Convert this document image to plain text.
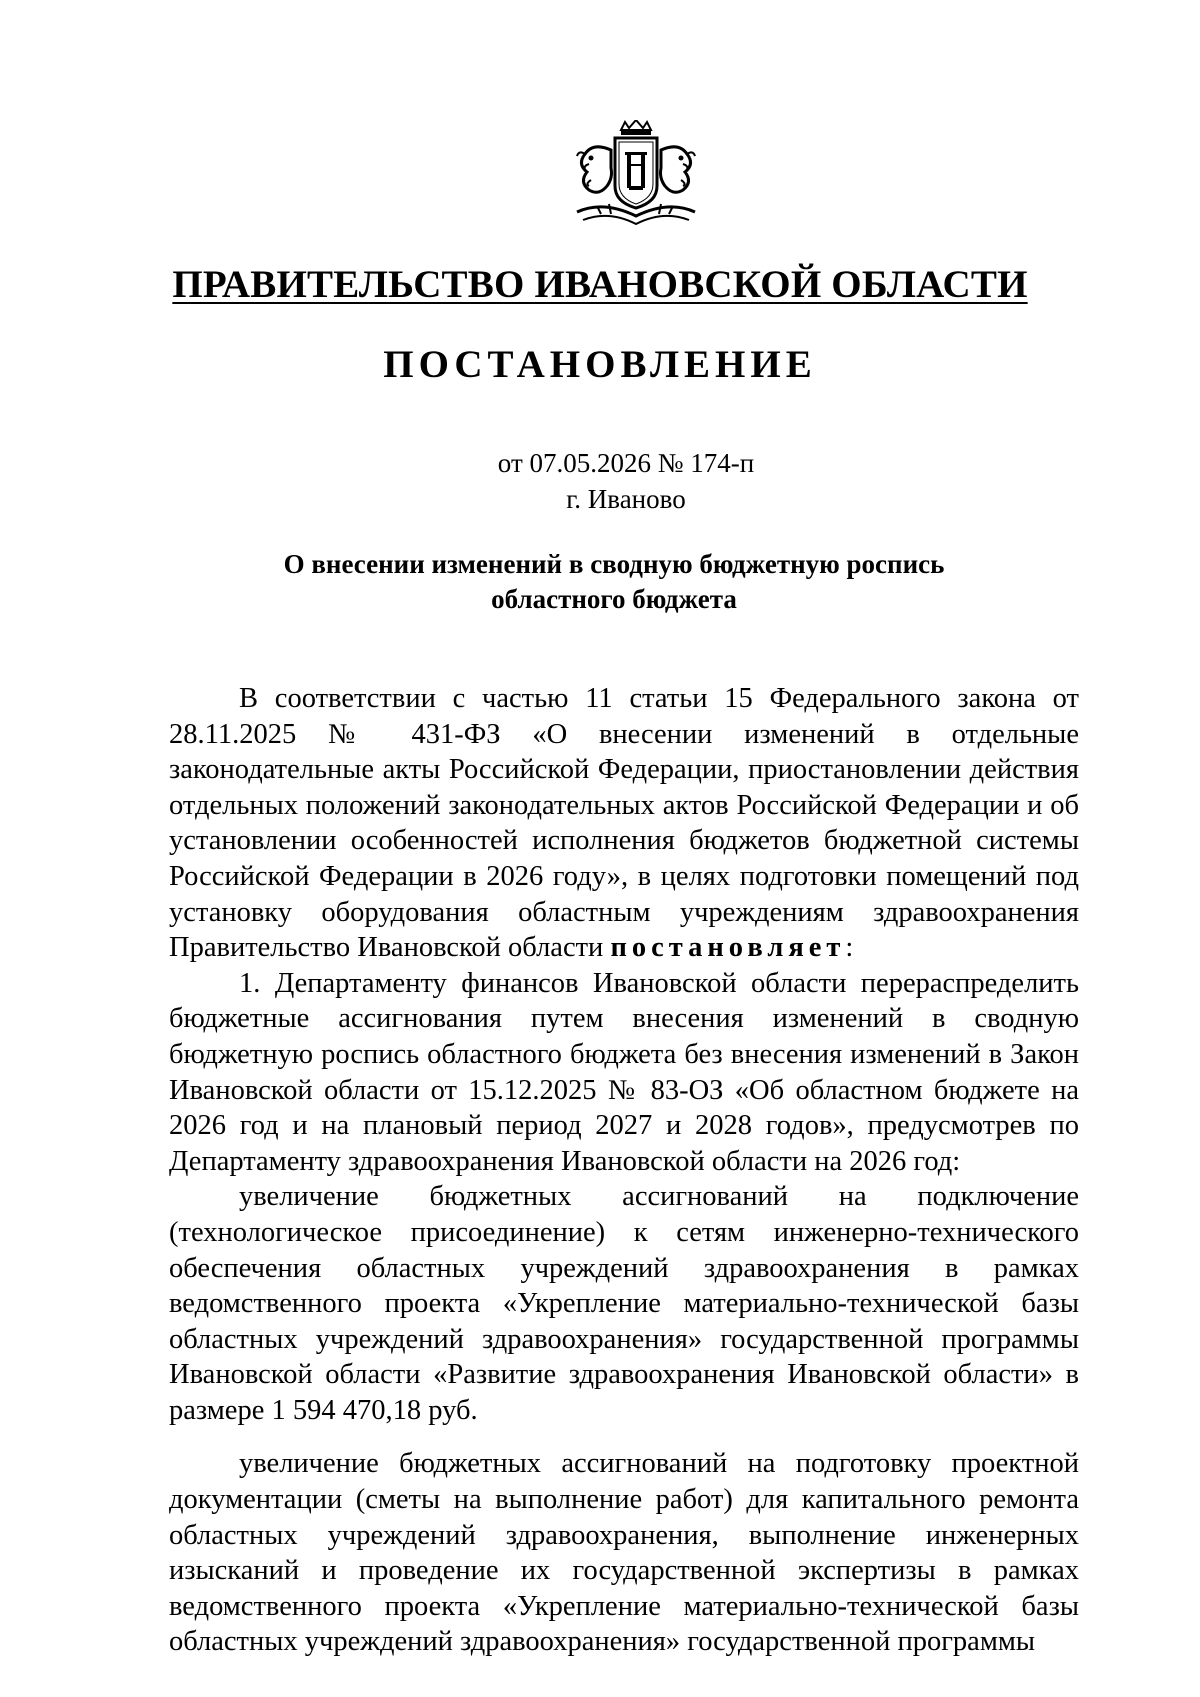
ПРАВИТЕЛЬСТВО ИВАНОВСКОЙ ОБЛАСТИ
ПОСТАНОВЛЕНИЕ
от 07.05.2026 № 174-п
г. Иваново
О внесении изменений в сводную бюджетную роспись
областного бюджета

В соответствии с частью 11 статьи 15 Федерального закона от 28.11.2025 № 431-ФЗ «О внесении изменений в отдельные законодательные акты Российской Федерации, приостановлении действия отдельных положений законодательных актов Российской Федерации и об установлении особенностей исполнения бюджетов бюджетной системы Российской Федерации в 2026 году», в целях подготовки помещений под установку оборудования областным учреждениям здравоохранения Правительство Ивановской области постановляет:

1. Департаменту финансов Ивановской области перераспределить бюджетные ассигнования путем внесения изменений в сводную бюджетную роспись областного бюджета без внесения изменений в Закон Ивановской области от 15.12.2025 № 83-ОЗ «Об областном бюджете на 2026 год и на плановый период 2027 и 2028 годов», предусмотрев по Департаменту здравоохранения Ивановской области на 2026 год:

увеличение бюджетных ассигнований на подключение (технологическое присоединение) к сетям инженерно-технического обеспечения областных учреждений здравоохранения в рамках ведомственного проекта «Укрепление материально-технической базы областных учреждений здравоохранения» государственной программы Ивановской области «Развитие здравоохранения Ивановской области» в размере 1 594 470,18 руб.

увеличение бюджетных ассигнований на подготовку проектной документации (сметы на выполнение работ) для капитального ремонта областных учреждений здравоохранения, выполнение инженерных изысканий и проведение их государственной экспертизы в рамках ведомственного проекта «Укрепление материально-технической базы областных учреждений здравоохранения» государственной программы
